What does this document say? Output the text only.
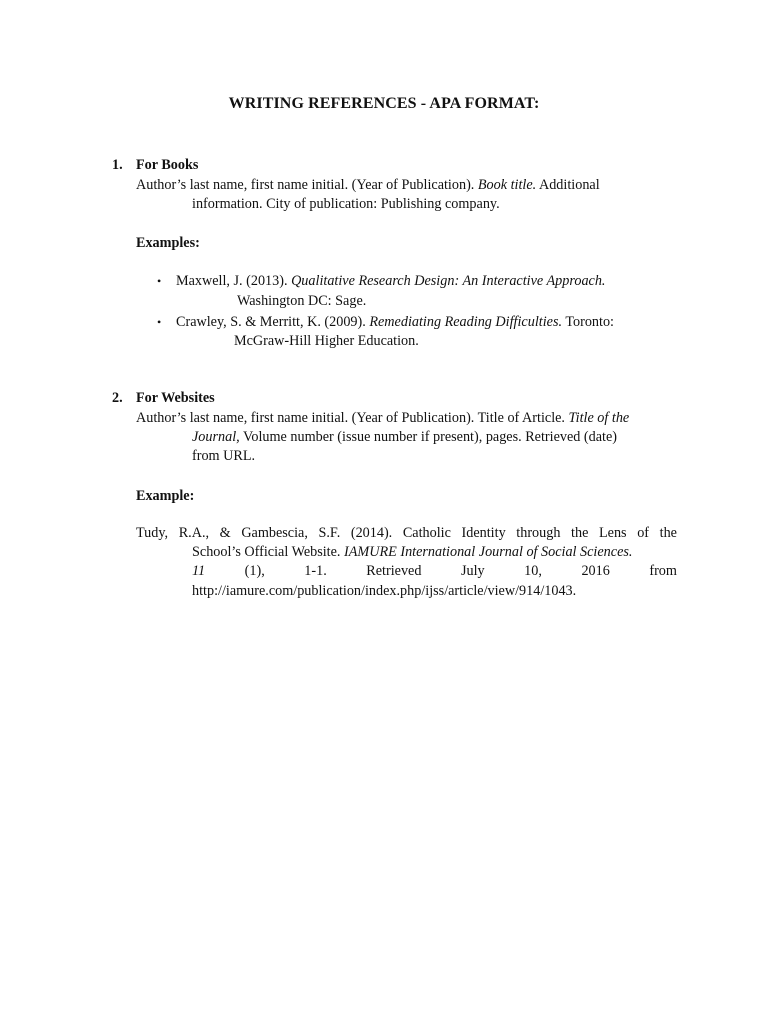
WRITING REFERENCES - APA FORMAT:
1. For Books
Author’s last name, first name initial. (Year of Publication). Book title. Additional
information. City of publication: Publishing company.
Examples:
• Maxwell, J. (2013). Qualitative Research Design: An Interactive Approach.
Washington DC: Sage.
• Crawley, S. & Merritt, K. (2009). Remediating Reading Difficulties. Toronto:
McGraw-Hill Higher Education.
2. For Websites
Author’s last name, first name initial. (Year of Publication). Title of Article. Title of the
Journal, Volume number (issue number if present), pages. Retrieved (date)
from URL.
Example:
Tudy, R.A., & Gambescia, S.F. (2014). Catholic Identity through the Lens of the
School’s Official Website. IAMURE International Journal of Social Sciences.
11	(1),	1-1.	Retrieved	July	10,	2016	from
http://iamure.com/publication/index.php/ijss/article/view/914/1043.
